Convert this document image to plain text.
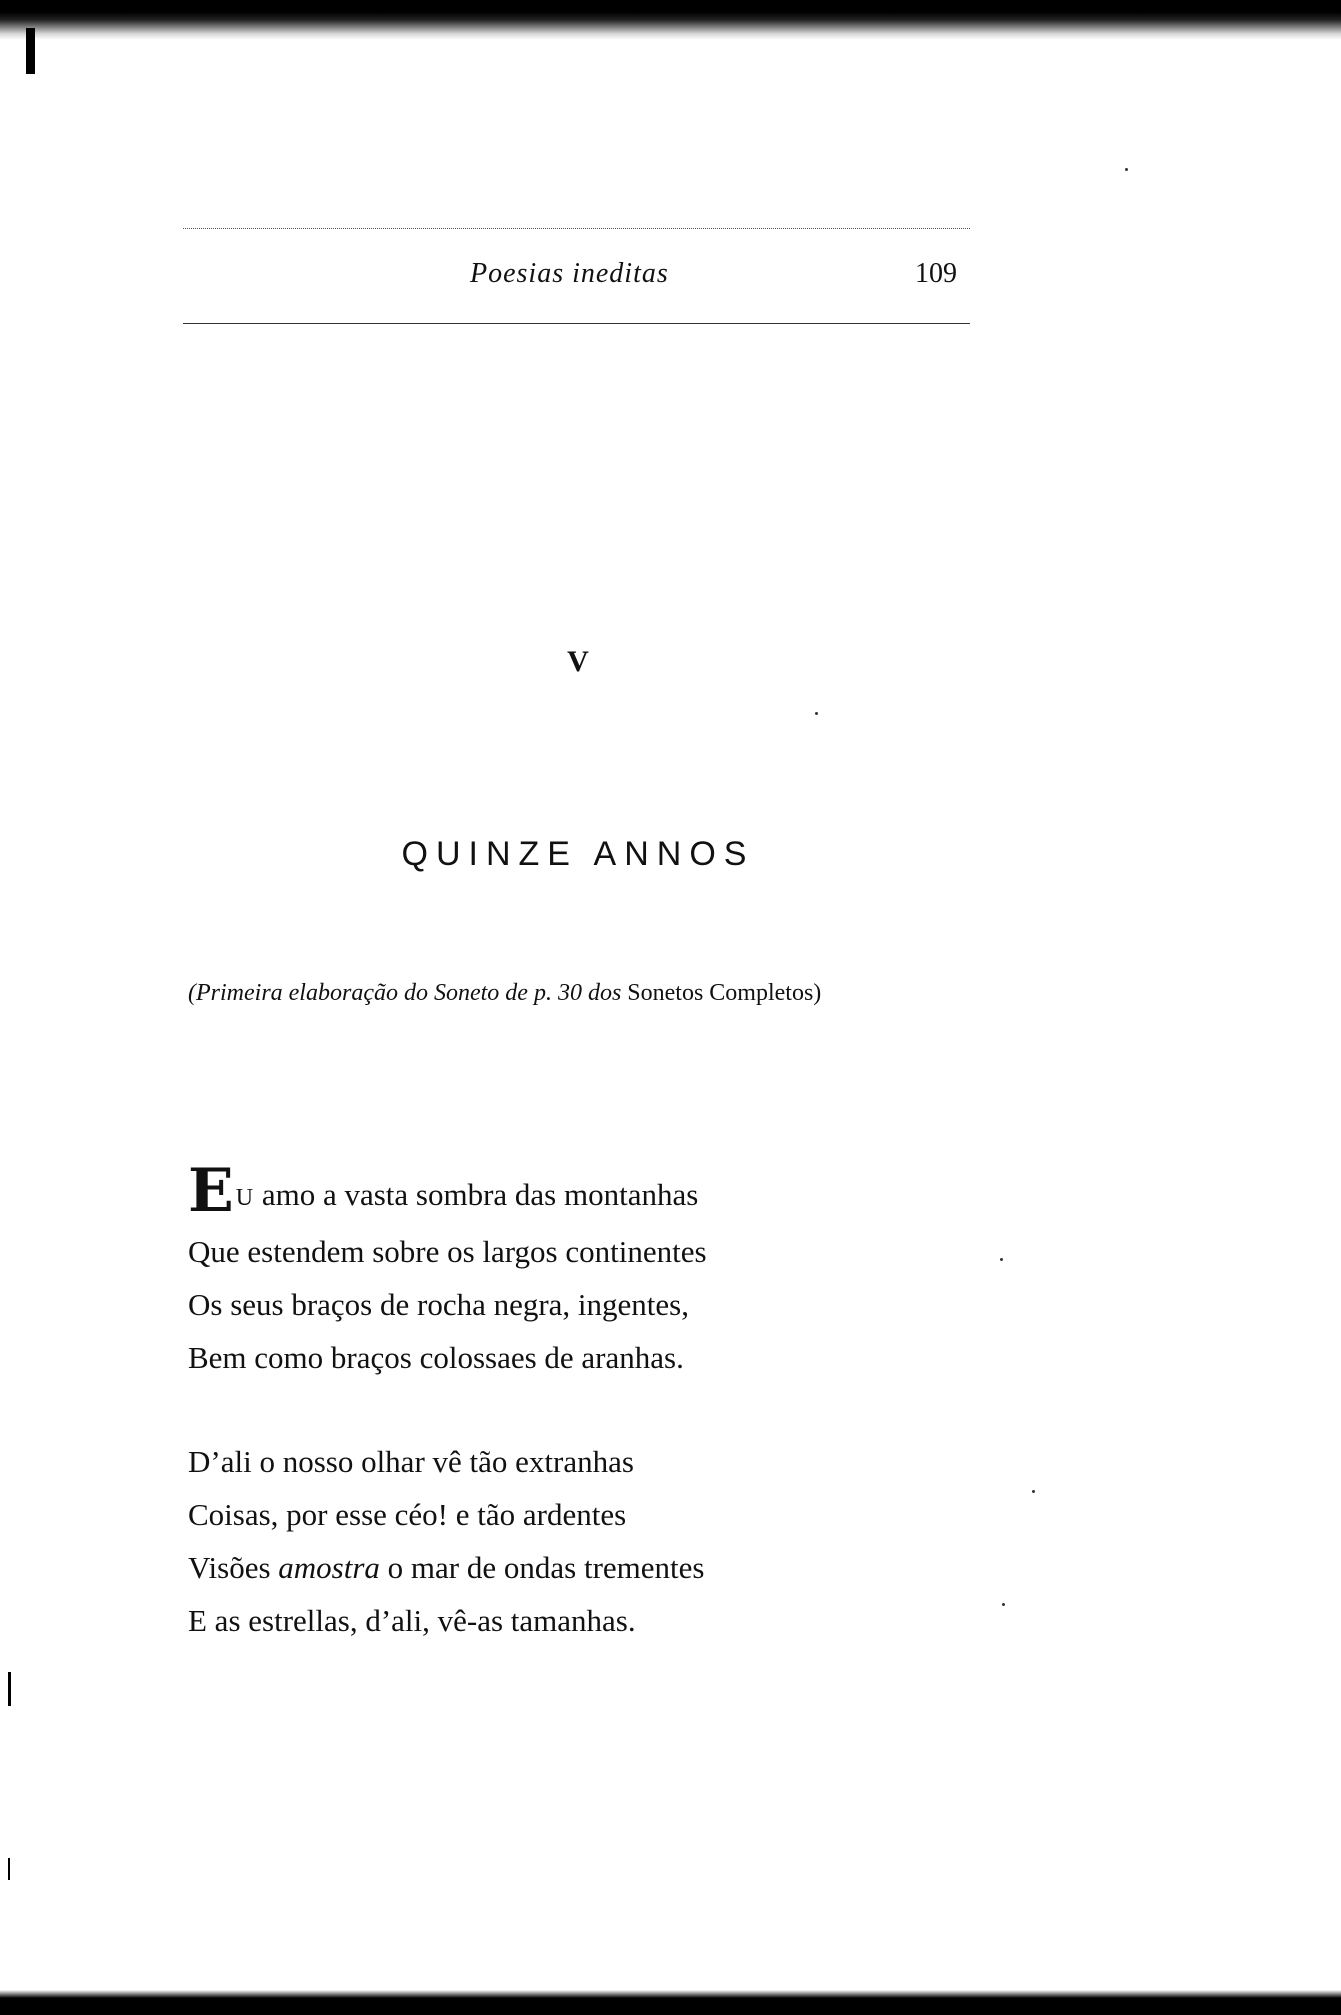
Poesias ineditas	109
V
QUINZE ANNOS

(Primeira elaboração do Soneto de p. 30 dos Sonetos Completos)

EU amo a vasta sombra das montanhas
Que estendem sobre os largos continentes
Os seus braços de rocha negra, ingentes,
Bem como braços colossaes de aranhas.
D’ali o nosso olhar vê tão extranhas
Coisas, por esse céo! e tão ardentes
Visões amostra o mar de ondas trementes
E as estrellas, d’ali, vê-as tamanhas.
